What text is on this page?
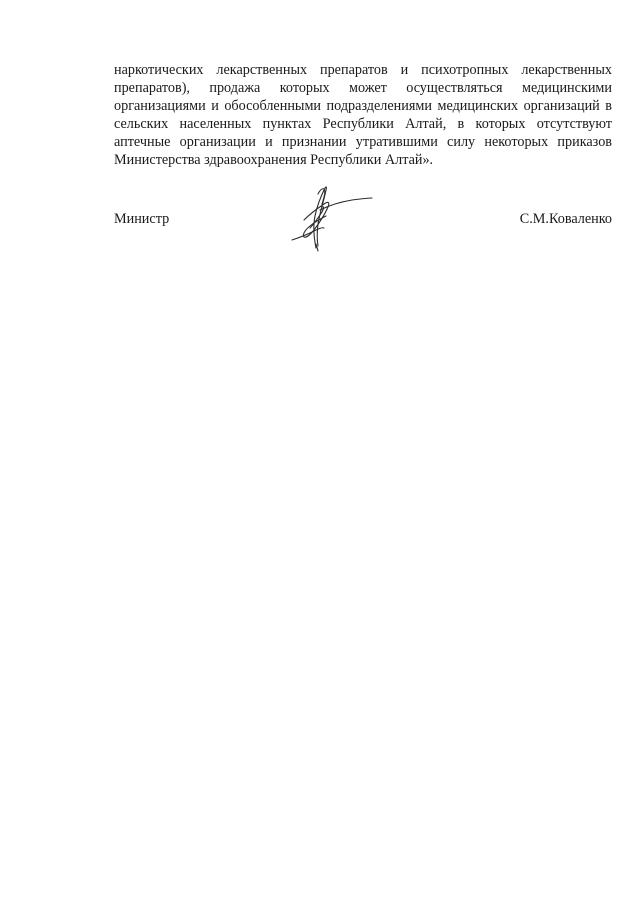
наркотических лекарственных препаратов и психотропных лекарственных
препаратов), продажа которых может осуществляться медицинскими
организациями и обособленными подразделениями медицинских организаций в
сельских населенных пунктах Республики Алтай, в которых отсутствуют
аптечные организации и признании утратившими силу некоторых приказов
Министерства здравоохранения Республики Алтай».
Министр	С.М.Коваленко
